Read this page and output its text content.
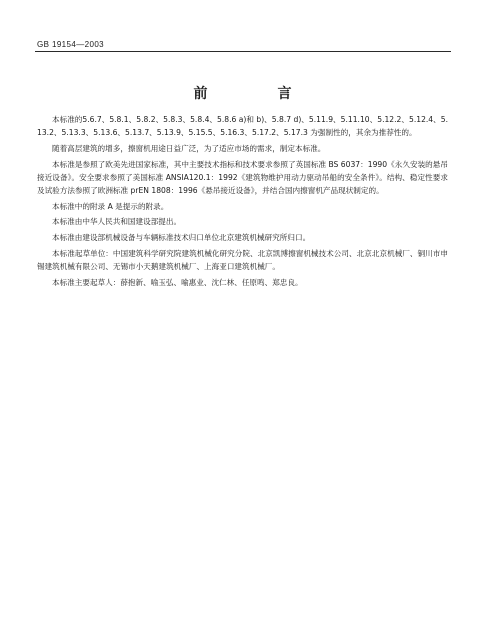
GB 19154—2003
前　言

本标准的5.6.7、5.8.1、5.8.2、5.8.3、5.8.4、5.8.6 a)和 b)、5.8.7 d)、5.11.9、5.11.10、5.12.2、5.12.4、5.13.2、5.13.3、5.13.6、5.13.7、5.13.9、5.15.5、5.16.3、5.17.2、5.17.3 为强制性的，其余为推荐性的。

随着高层建筑的增多，擦窗机用途日益广泛，为了适应市场的需求，制定本标准。

本标准是参照了欧美先进国家标准，其中主要技术指标和技术要求参照了英国标准 BS 6037：1990《永久安装的悬吊接近设备》。安全要求参照了美国标准 ANSIA120.1：1992《建筑物维护用动力驱动吊船的安全条件》。结构、稳定性要求及试验方法参照了欧洲标准 prEN 1808：1996《悬吊接近设备》，并结合国内擦窗机产品现状制定的。

本标准中的附录 A 是提示的附录。

本标准由中华人民共和国建设部提出。

本标准由建设部机械设备与车辆标准技术归口单位北京建筑机械研究所归口。

本标准起草单位：中国建筑科学研究院建筑机械化研究分院、北京凯博擦窗机械技术公司、北京北京机械厂、铜川市申锡建筑机械有限公司、无锡市小天鹅建筑机械厂、上海亚口建筑机械厂。

本标准主要起草人：薛抱新、喻玉弘、喻惠业、沈仁林、任原鸣、郑忠良。
